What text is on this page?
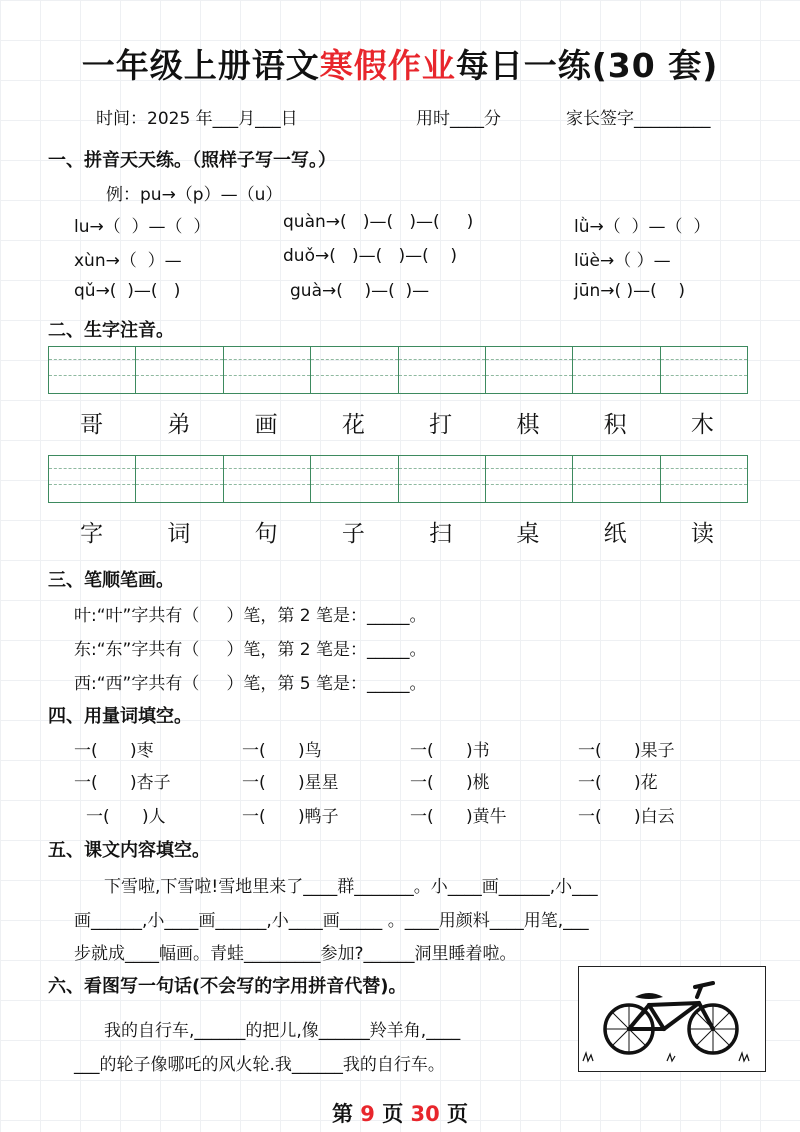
一年级上册语文寒假作业每日一练(30 套)
时间：2025 年___月___日	用时____分	家长签字_________
一、拼音天天练。（照样子写一写。）
例：pu→（p）—（u）
lu→（  ）—（  ）	quàn→(   )—(   )—(     )	lǜ→（  ）—（  ）
xùn→（  ）—	duǒ→(   )—(   )—(    )	lüè→（ ）—
qǔ→(  )—(   )	guà→(    )—(  )—	jūn→( )—(    )
二、生字注音。
哥	弟	画	花	打	棋	积	木
字	词	句	子	扫	桌	纸	读
三、笔顺笔画。
叶:“叶”字共有（     ）笔，第 2 笔是：_____。
东:“东”字共有（     ）笔，第 2 笔是：_____。
西:“西”字共有（     ）笔，第 5 笔是：_____。
四、用量词填空。
一(      )枣	一(      )鸟	一(      )书	一(      )果子
一(      )杏子	一(      )星星	一(      )桃	一(      )花
一(      )人	一(      )鸭子	一(      )黄牛	一(      )白云
五、课文内容填空。
下雪啦,下雪啦!雪地里来了____群_______。小____画______,小___
画______,小____画______,小____画_____ 。____用颜料____用笔,___
步就成____幅画。青蛙_________参加?______洞里睡着啦。
六、看图写一句话(不会写的字用拼音代替)。
我的自行车,______的把儿,像______羚羊角,____
___的轮子像哪吒的风火轮.我______我的自行车。
第 9 页 30 页
